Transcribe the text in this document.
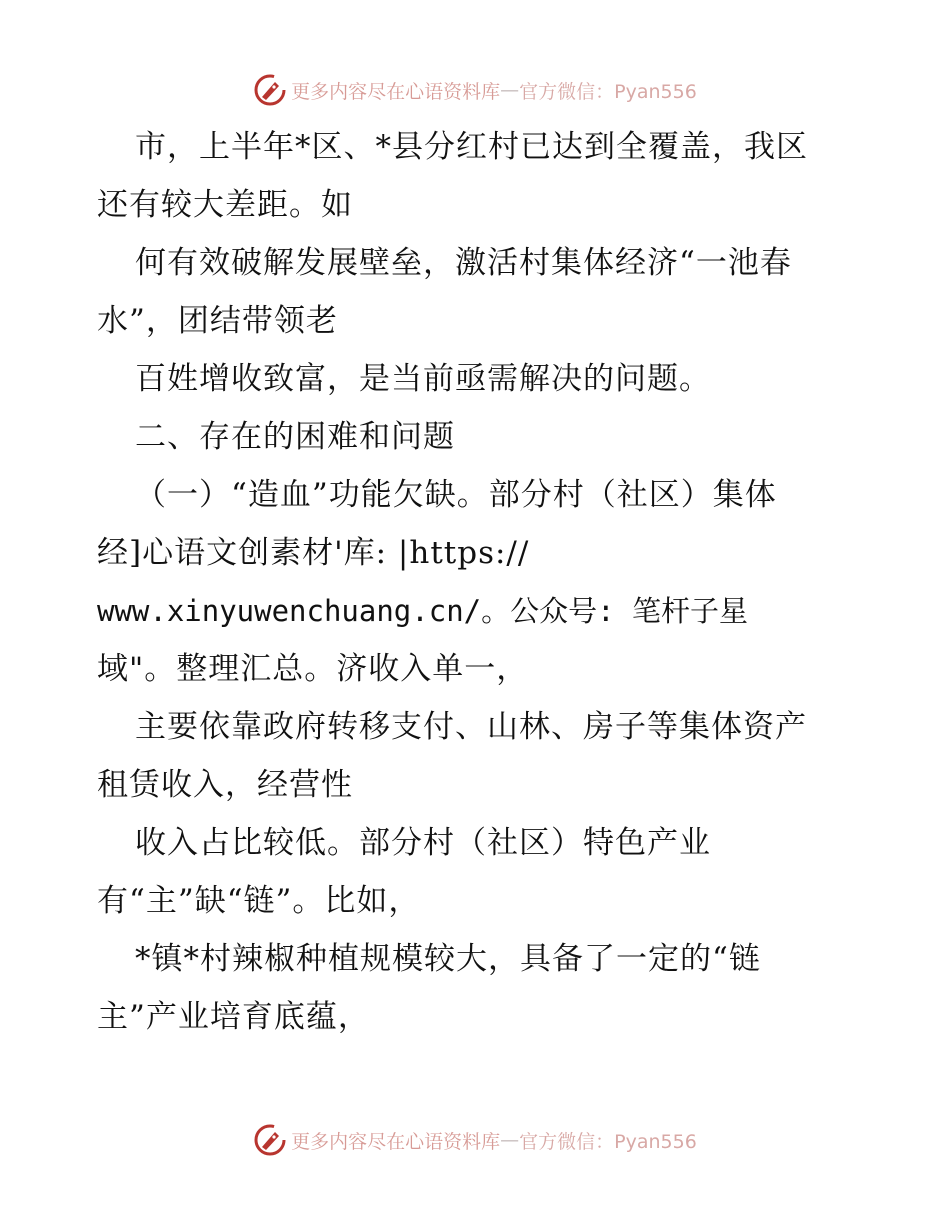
更多内容尽在心语资料库 — 官方微信：Pyan556
市，上半年*区、*县分红村已达到全覆盖，我区
还有较大差距。如
何有效破解发展壁垒，激活村集体经济“一池春
水”，团结带领老
百姓增收致富，是当前亟需解决的问题。
二、存在的困难和问题
（一）“造血”功能欠缺。部分村（社区）集体
经]心语文创素材'库: |https://
www.xinyuwenchuang.cn/。公众号: 笔杆子星
域"。整理汇总。济收入单一，
主要依靠政府转移支付、山林、房子等集体资产
租赁收入，经营性
收入占比较低。部分村（社区）特色产业
有“主”缺“链”。比如，
*镇*村辣椒种植规模较大，具备了一定的“链
主”产业培育底蕴，
更多内容尽在心语资料库 — 官方微信：Pyan556
